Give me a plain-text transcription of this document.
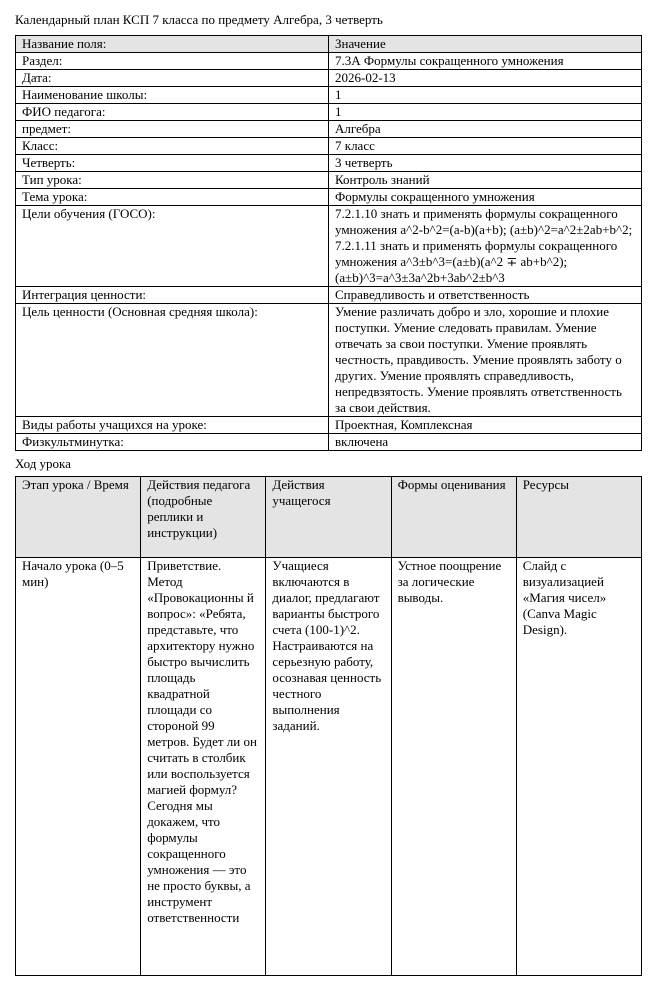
Календарный план КСП 7 класса по предмету Алгебра, 3 четверть
Название поля:	Значение
Раздел:	7.3А Формулы сокращенного умножения
Дата:	2026-02-13
Наименование школы:	1
ФИО педагога:	1
предмет:	Алгебра
Класс:	7 класс
Четверть:	3 четверть
Тип урока:	Контроль знаний
Тема урока:	Формулы сокращенного умножения
Цели обучения (ГОСО):	7.2.1.10 знать и применять формулы сокращенного умножения a^2-b^2=(a-b)(a+b); (a±b)^2=a^2±2ab+b^2; 7.2.1.11 знать и применять формулы сокращенного умножения a^3±b^3=(a±b)(a^2 ∓ ab+b^2); (a±b)^3=a^3±3a^2b+3ab^2±b^3
Интеграция ценности:	Справедливость и ответственность
Цель ценности (Основная средняя школа):	Умение различать добро и зло, хорошие и плохие поступки. Умение следовать правилам. Умение отвечать за свои поступки. Умение проявлять честность, правдивость. Умение проявлять заботу о других. Умение проявлять справедливость, непредвзятость. Умение проявлять ответственность за свои действия.
Виды работы учащихся на уроке:	Проектная, Комплексная
Физкультминутка:	включена
Ход урока
Этап урока / Время	Действия педагога (подробные реплики и инструкции)	Действия учащегося	Формы оценивания	Ресурсы
Начало урока (0–5 мин)	Приветствие. Метод «Провокационны й вопрос»: «Ребята, представьте, что архитектору нужно быстро вычислить площадь квадратной площади со стороной 99 метров. Будет ли он считать в столбик или воспользуется магией формул? Сегодня мы докажем, что формулы сокращенного умножения — это не просто буквы, а инструмент ответственности	Учащиеся включаются в диалог, предлагают варианты быстрого счета (100-1)^2. Настраиваются на серьезную работу, осознавая ценность честного выполнения заданий.	Устное поощрение за логические выводы.	Слайд с визуализацией «Магия чисел» (Canva Magic Design).
